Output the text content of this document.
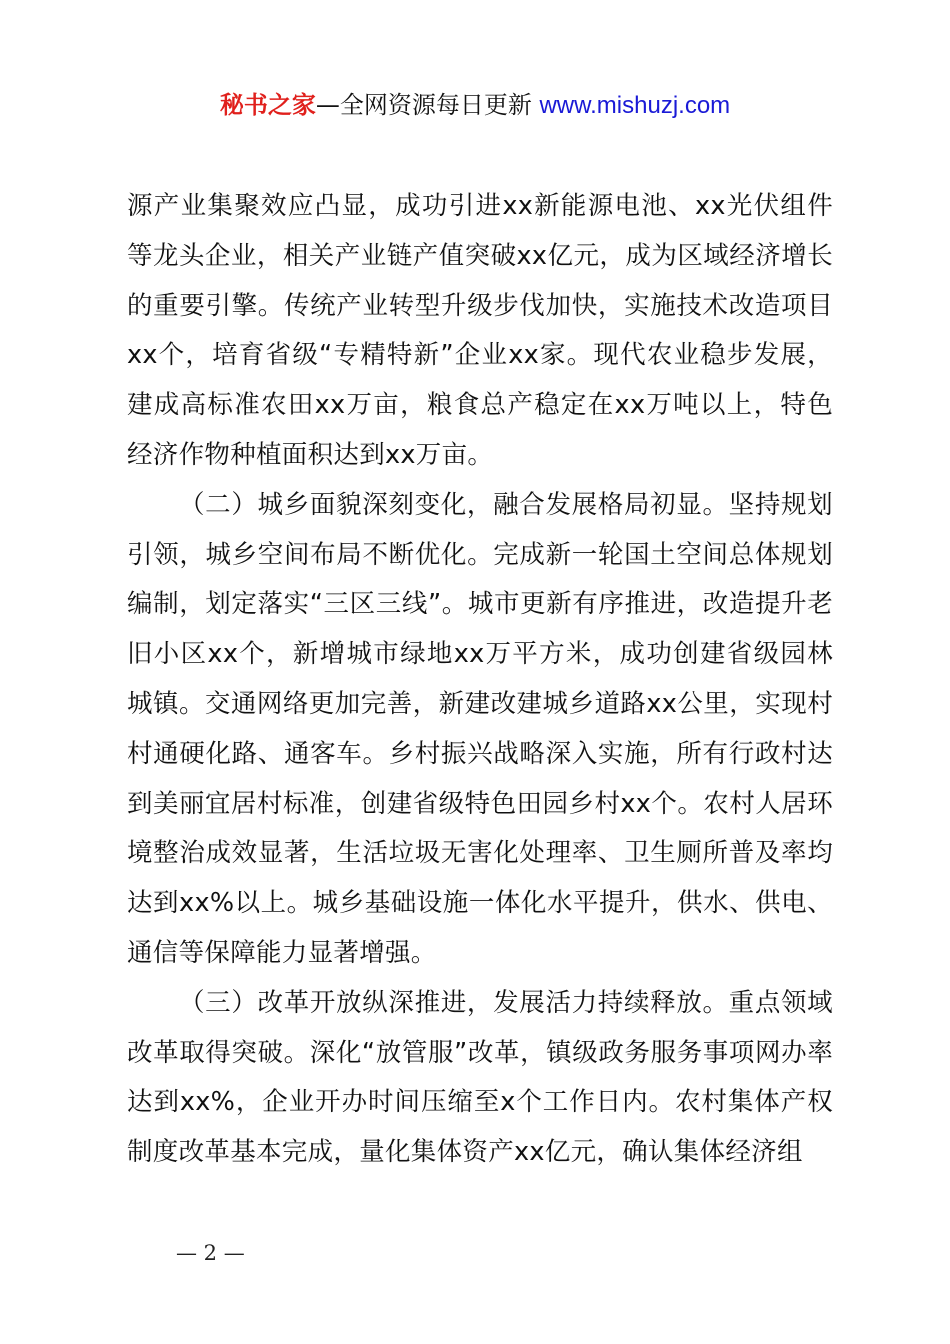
秘书之家—全网资源每日更新 www.mishuzj.com

源产业集聚效应凸显，成功引进xx新能源电池、xx光伏组件等龙头企业，相关产业链产值突破xx亿元，成为区域经济增长的重要引擎。传统产业转型升级步伐加快，实施技术改造项目xx个，培育省级“专精特新”企业xx家。现代农业稳步发展，建成高标准农田xx万亩，粮食总产稳定在xx万吨以上，特色经济作物种植面积达到xx万亩。

（二）城乡面貌深刻变化，融合发展格局初显。坚持规划引领，城乡空间布局不断优化。完成新一轮国土空间总体规划编制，划定落实“三区三线”。城市更新有序推进，改造提升老旧小区xx个，新增城市绿地xx万平方米，成功创建省级园林城镇。交通网络更加完善，新建改建城乡道路xx公里，实现村村通硬化路、通客车。乡村振兴战略深入实施，所有行政村达到美丽宜居村标准，创建省级特色田园乡村xx个。农村人居环境整治成效显著，生活垃圾无害化处理率、卫生厕所普及率均达到xx%以上。城乡基础设施一体化水平提升，供水、供电、通信等保障能力显著增强。

（三）改革开放纵深推进，发展活力持续释放。重点领域改革取得突破。深化“放管服”改革，镇级政务服务事项网办率达到xx%，企业开办时间压缩至x个工作日内。农村集体产权制度改革基本完成，量化集体资产xx亿元，确认集体经济组

— 2 —
